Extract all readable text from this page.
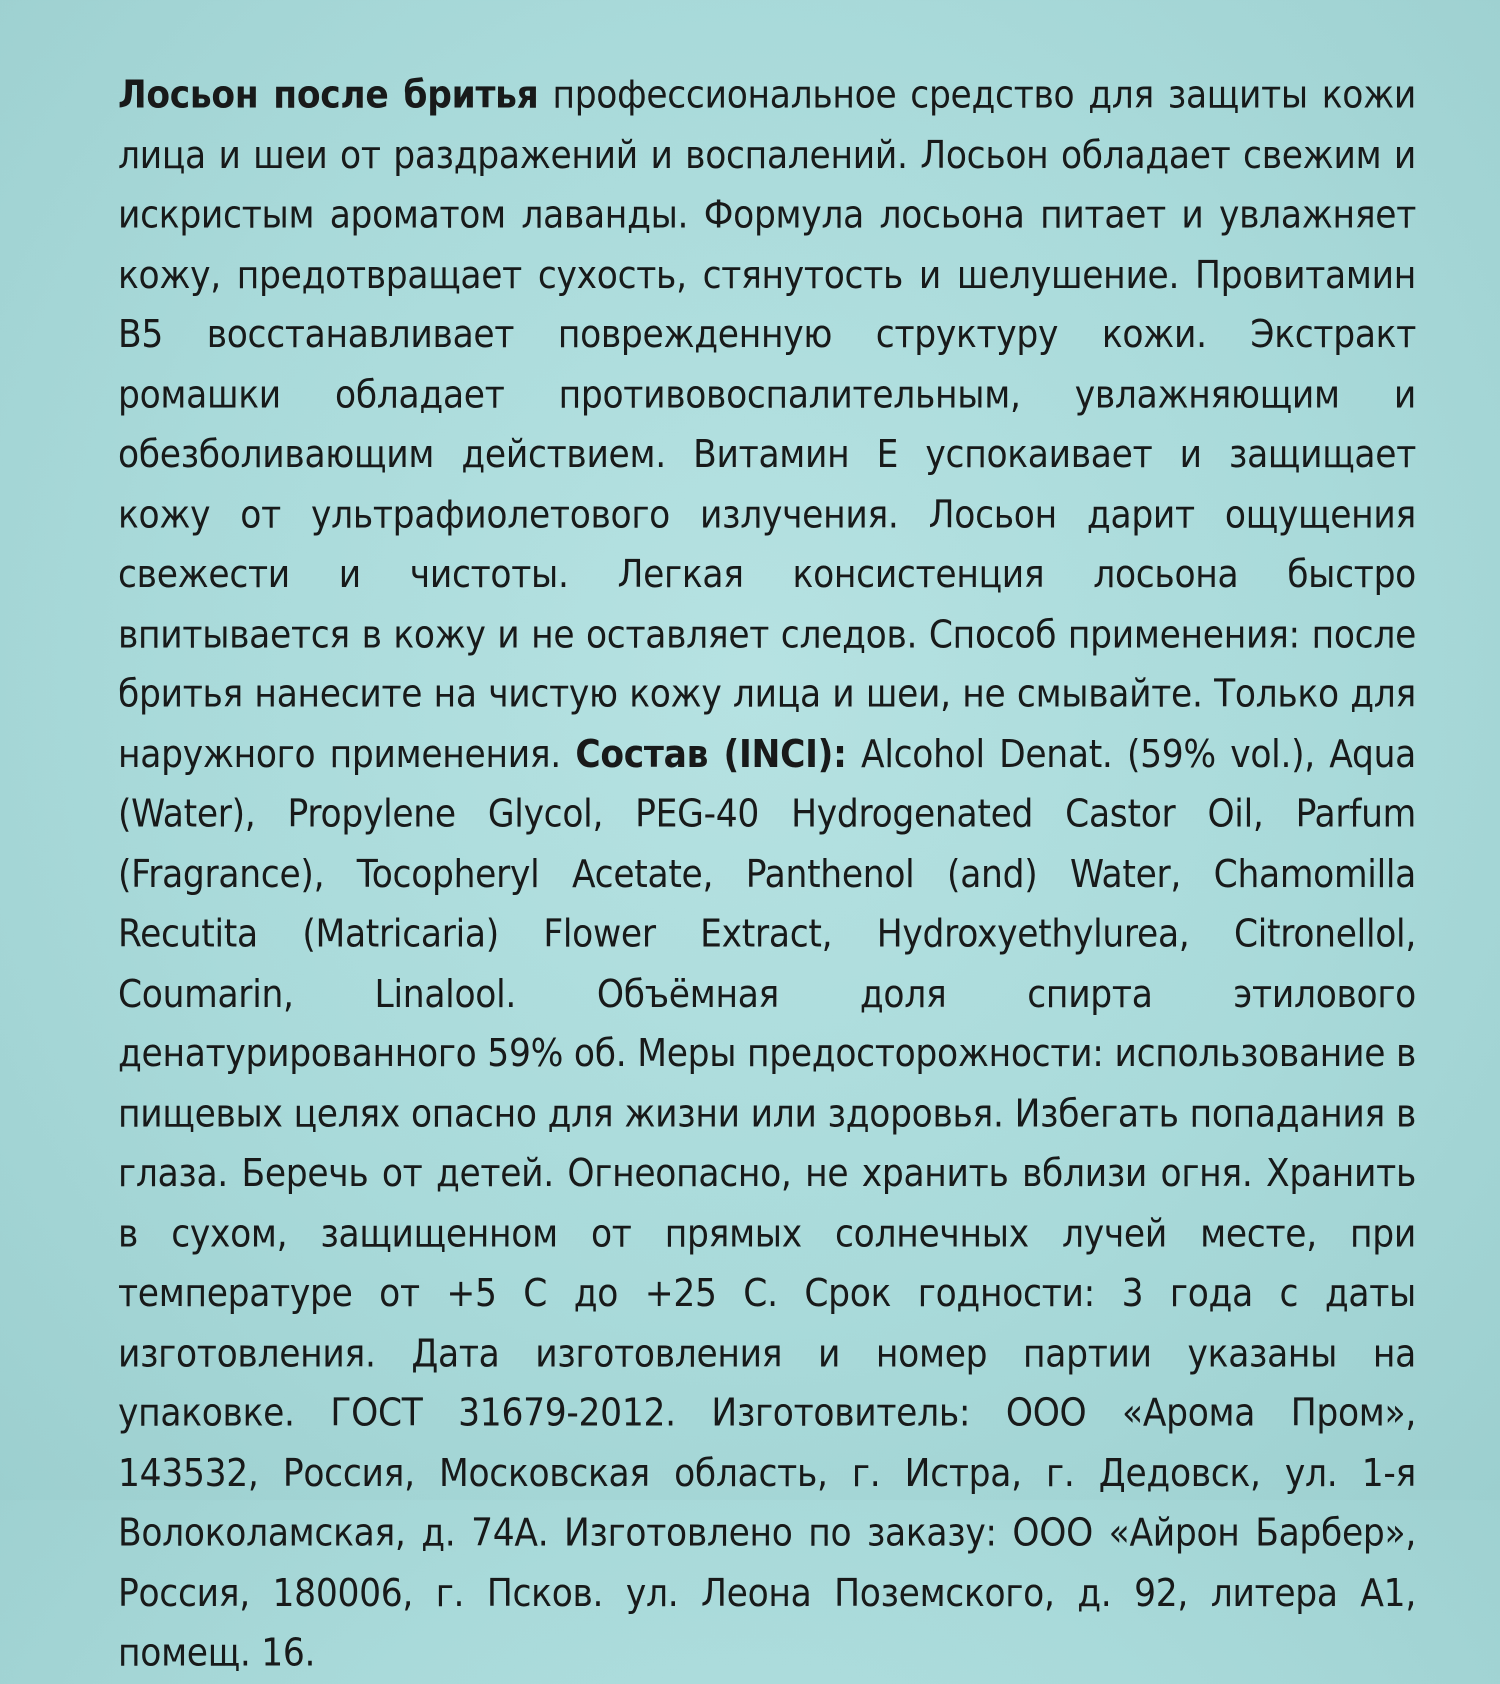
Лосьон после бритья профессиональное средство для защиты кожи лица и шеи от раздражений и воспалений. Лосьон обладает свежим и искристым ароматом лаванды. Формула лосьона питает и увлажняет кожу, предотвращает сухость, стянутость и шелушение. Провитамин B5 восстанавливает поврежденную структуру кожи. Экстракт ромашки обладает противовоспалительным, увлажняющим и обезболивающим действием. Витамин E успокаивает и защищает кожу от ультрафиолетового излучения. Лосьон дарит ощущения свежести и чистоты. Легкая консистенция лосьона быстро впитывается в кожу и не оставляет следов. Способ применения: после бритья нанесите на чистую кожу лица и шеи, не смывайте. Только для наружного применения. Состав (INCI): Alcohol Denat. (59% vol.), Aqua (Water), Propylene Glycol, PEG-40 Hydrogenated Castor Oil, Parfum (Fragrance), Tocopheryl Acetate, Panthenol (and) Water, Chamomilla Recutita (Matricaria) Flower Extract, Hydroxyethylurea, Citronellol, Coumarin, Linalool. Объёмная доля спирта этилового денатурированного 59% об. Меры предосторожности: использование в пищевых целях опасно для жизни или здоровья. Избегать попадания в глаза. Беречь от детей. Огнеопасно, не хранить вблизи огня. Хранить в сухом, защищенном от прямых солнечных лучей месте, при температуре от +5 С до +25 С. Срок годности: 3 года с даты изготовления. Дата изготовления и номер партии указаны на упаковке. ГОСТ 31679-2012. Изготовитель: ООО «Арома Пром», 143532, Россия, Московская область, г. Истра, г. Дедовск, ул. 1-я Волоколамская, д. 74А. Изготовлено по заказу: ООО «Айрон Барбер», Россия, 180006, г. Псков. ул. Леона Поземского, д. 92, литера А1, помещ. 16.
